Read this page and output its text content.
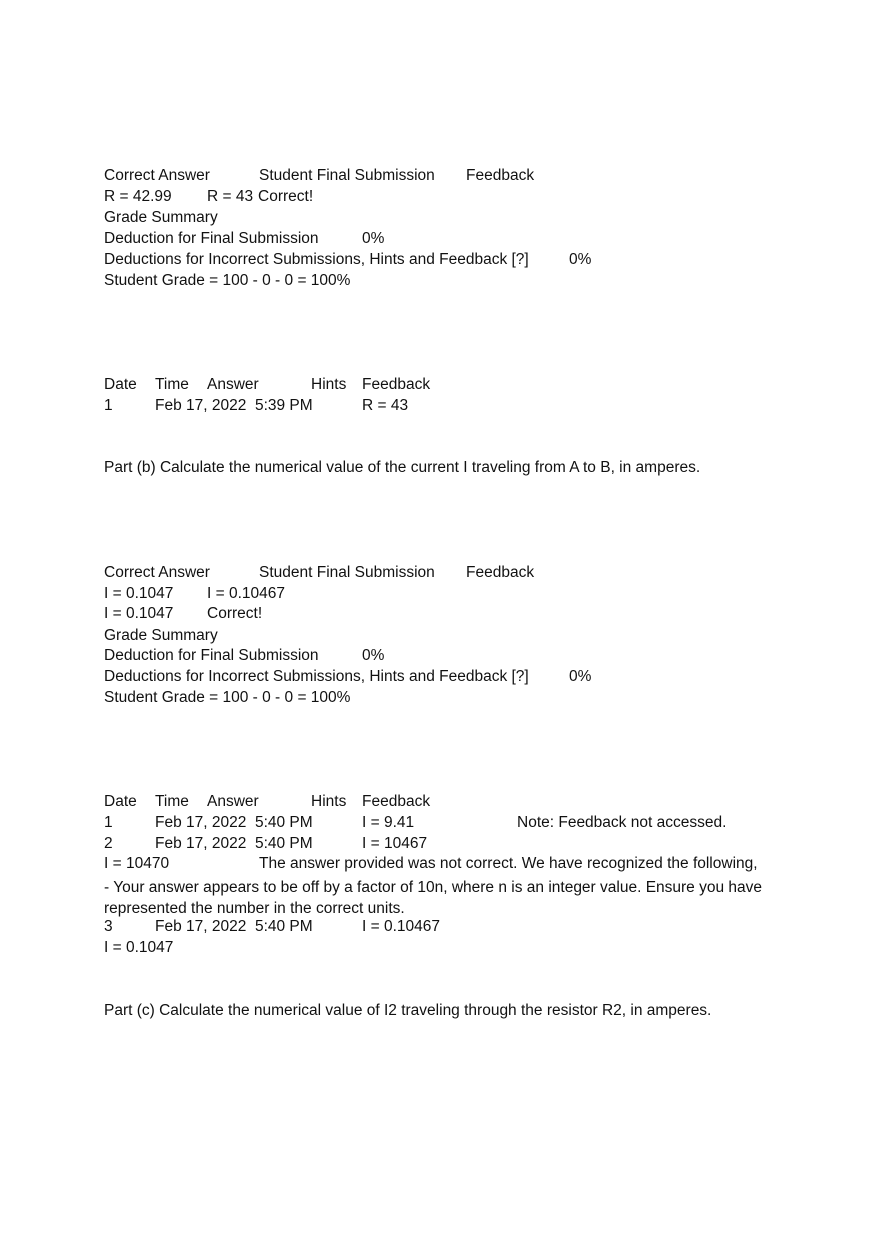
Correct Answer	Student Final Submission Feedback
R = 42.99 R = 43 Correct!
Grade Summary
Deduction for Final Submission	0%
Deductions for Incorrect Submissions, Hints and Feedback [?]	0%
Student Grade = 100 - 0 - 0 = 100%
Date Time Answer	Hints Feedback
1	Feb 17, 2022  5:39 PM	R = 43
Part (b) Calculate the numerical value of the current I traveling from A to B, in amperes.
Correct Answer	Student Final Submission Feedback
I = 0.1047 I = 0.10467
I = 0.1047 Correct!
Grade Summary
Deduction for Final Submission	0%
Deductions for Incorrect Submissions, Hints and Feedback [?]	0%
Student Grade = 100 - 0 - 0 = 100%
Date Time Answer	Hints Feedback
1	Feb 17, 2022  5:40 PM	I = 9.41	Note: Feedback not accessed.
2	Feb 17, 2022  5:40 PM	I = 10467
I = 10470	The answer provided was not correct. We have recognized the following,
- Your answer appears to be off by a factor of 10n, where n is an integer value. Ensure you have represented the number in the correct units.
3	Feb 17, 2022  5:40 PM	I = 0.10467
I = 0.1047
Part (c) Calculate the numerical value of I2 traveling through the resistor R2, in amperes.
